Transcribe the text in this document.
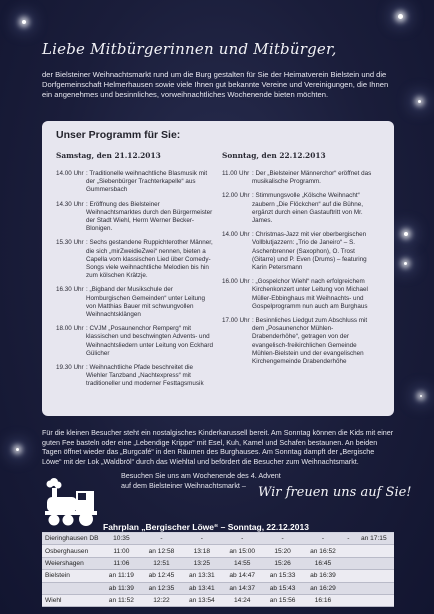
Liebe Mitbürgerinnen und Mitbürger,
der Bielsteiner Weihnachtsmarkt rund um die Burg gestalten für Sie der Heimatverein Bielstein und die Dorfgemeinschaft Helmerhausen sowie viele Ihnen gut bekannte Vereine und Vereinigungen, die Ihnen ein angenehmes und besinnliches, vorweihnachtliches Wochenende bieten möchten.
Unser Programm für Sie:
Samstag, den 21.12.2013
14.00 Uhr : Traditionelle weihnachtliche Blasmusik mit der „Siebenbürger Trachterkapelle“ aus Gummersbach
14.30 Uhr : Eröffnung des Bielsteiner Weihnachtsmarktes durch den Bürgermeister der Stadt Wiehl, Herrn Werner Becker-Blonigen.
15.30 Uhr : Sechs gestandene Ruppichterother Männer, die sich „mirZweidieZwei“ nennen, bieten a Capella vom klassischen Lied über Comedy-Songs viele weihnachtliche Melodien bis hin zum kölschen Krätzje.
16.30 Uhr : „Bigband der Musikschule der Homburgischen Gemeinden“ unter Leitung von Matthias Bauer mit schwungvollen Weihnachtsklängen
18.00 Uhr : CVJM „Posaunenchor Remperg“ mit klassischen und beschwingten Advents- und Weihnachtsliedern unter Leitung von Eckhard Gülicher
19.30 Uhr : Weihnachtliche Pfade beschreitet die Wiehler Tanzband „Nachtexpress“ mit traditioneller und moderner Festtagsmusik
Sonntag, den 22.12.2013
11.00 Uhr : Der „Bielsteiner Männerchor“ eröffnet das musikalische Programm.
12.00 Uhr : Stimmungsvolle „Kölsche Weihnacht“ zaubern „Die Flöckchen“ auf die Bühne, ergänzt durch einen Gastauftritt von Mr. James.
14.00 Uhr : Christmas-Jazz mit vier oberbergischen Vollblutjazzern: „Trio de Janeiro“ – S. Aschenbrenner (Saxophon), O. Trost (Gitarre) und P. Even (Drums) – featuring Karin Petersmann
16.00 Uhr : „Gospelchor Wiehl“ nach erfolgreichem Kirchenkonzert unter Leitung von Michael Müller-Ebbinghaus mit Weihnachts- und Gospelprogramm nun auch am Burghaus
17.00 Uhr : Besinnliches Liedgut zum Abschluss mit dem „Posaunenchor Mühlen-Drabenderhöhe“, getragen von der evangelisch-freikirchlichen Gemeinde Mühlen-Bielstein und der evangelischen Kirchengemeinde Drabenderhöhe
Für die kleinen Besucher steht ein nostalgisches Kinderkarussell bereit. Am Sonntag können die Kids mit einer guten Fee basteln oder eine „Lebendige Krippe“ mit Esel, Kuh, Kamel und Schafen bestaunen. An beiden Tagen öffnet wieder das „Burgcafé“ in den Räumen des Burghauses. Am Sonntag dampft der „Bergische Löwe“ mit der Lok „Waldbröl“ durch das Wiehltal und befördert die Besucher zum Weihnachtsmarkt.
Besuchen Sie uns am Wochenende des 4. Advent
auf dem Bielsteiner Weihnachtsmarkt – Wir freuen uns auf Sie!
Fahrplan „Bergischer Löwe“ – Sonntag, 22.12.2013
Dieringhausen DB	10:35	-	-	-	-	-	-	an 17:15
Osberghausen	11:00	an 12:58	13:18	an 15:00	15:20	an 16:52		
Weiershagen	11:06	12:51	13:25	14:55	15:26	16:45		
Bielstein	an 11:19	ab 12:45	an 13:31	ab 14:47	an 15:33	ab 16:39		
	ab 11:39	an 12:35	ab 13:41	an 14:37	ab 15:43	an 16:29		
Wiehl	an 11:52	12:22	an 13:54	14:24	an 15:56	16:16		
